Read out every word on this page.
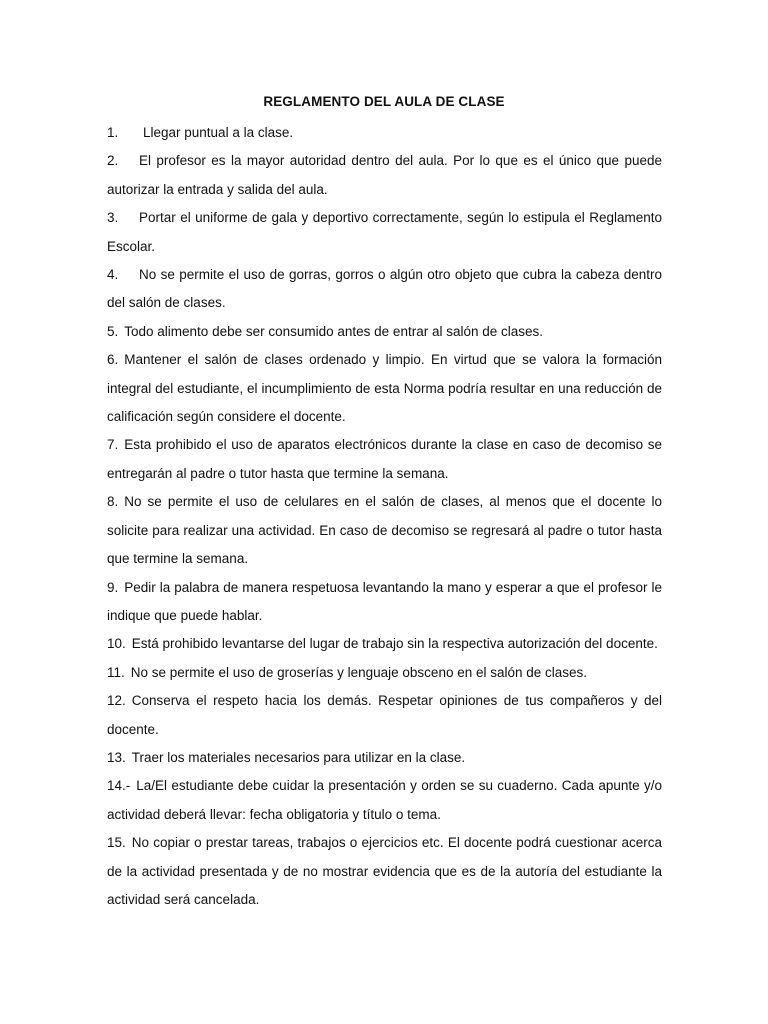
REGLAMENTO DEL AULA DE CLASE

1. Llegar puntual a la clase.

2. El profesor es la mayor autoridad dentro del aula. Por lo que es el único que puede autorizar la entrada y salida del aula.

3. Portar el uniforme de gala y deportivo correctamente, según lo estipula el Reglamento Escolar.

4. No se permite el uso de gorras, gorros o algún otro objeto que cubra la cabeza dentro del salón de clases.

5. Todo alimento debe ser consumido antes de entrar al salón de clases.

6. Mantener el salón de clases ordenado y limpio. En virtud que se valora la formación integral del estudiante, el incumplimiento de esta Norma podría resultar en una reducción de calificación según considere el docente.

7. Esta prohibido el uso de aparatos electrónicos durante la clase en caso de decomiso se entregarán al padre o tutor hasta que termine la semana.

8. No se permite el uso de celulares en el salón de clases, al menos que el docente lo solicite para realizar una actividad. En caso de decomiso se regresará al padre o tutor hasta que termine la semana.

9. Pedir la palabra de manera respetuosa levantando la mano y esperar a que el profesor le indique que puede hablar.

10. Está prohibido levantarse del lugar de trabajo sin la respectiva autorización del docente.

11. No se permite el uso de groserías y lenguaje obsceno en el salón de clases.

12. Conserva el respeto hacia los demás. Respetar opiniones de tus compañeros y del docente.

13. Traer los materiales necesarios para utilizar en la clase.

14.- La/El estudiante debe cuidar la presentación y orden se su cuaderno. Cada apunte y/o actividad deberá llevar: fecha obligatoria y título o tema.

15. No copiar o prestar tareas, trabajos o ejercicios etc. El docente podrá cuestionar acerca de la actividad presentada y de no mostrar evidencia que es de la autoría del estudiante la actividad será cancelada.
